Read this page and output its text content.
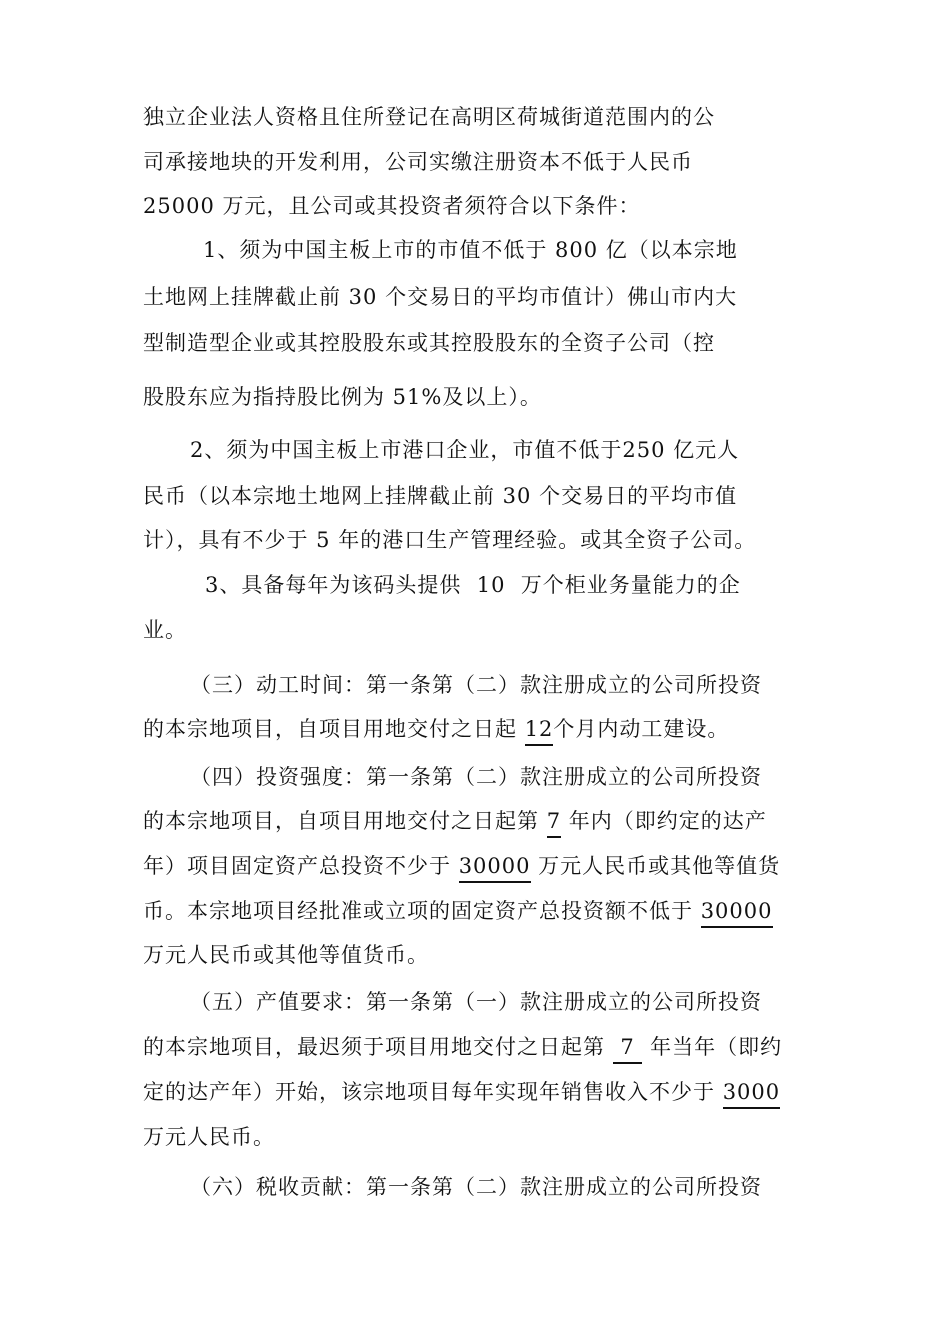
独立企业法人资格且住所登记在高明区荷城街道范围内的公
司承接地块的开发利用，公司实缴注册资本不低于人民币
25000 万元，且公司或其投资者须符合以下条件：
1、须为中国主板上市的市值不低于 800 亿（以本宗地
土地网上挂牌截止前 30 个交易日的平均市值计）佛山市内大
型制造型企业或其控股股东或其控股股东的全资子公司（控
股股东应为指持股比例为 51%及以上）。
2、须为中国主板上市港口企业，市值不低于250 亿元人
民币（以本宗地土地网上挂牌截止前 30 个交易日的平均市值
计），具有不少于 5 年的港口生产管理经验。或其全资子公司。
3、具备每年为该码头提供  10  万个柜业务量能力的企
业。
（三）动工时间：第一条第（二）款注册成立的公司所投资
的本宗地项目，自项目用地交付之日起 12个月内动工建设。
（四）投资强度：第一条第（二）款注册成立的公司所投资
的本宗地项目，自项目用地交付之日起第 7 年内（即约定的达产
年）项目固定资产总投资不少于 30000 万元人民币或其他等值货
币。本宗地项目经批准或立项的固定资产总投资额不低于 30000
万元人民币或其他等值货币。
（五）产值要求：第一条第（一）款注册成立的公司所投资
的本宗地项目，最迟须于项目用地交付之日起第  7  年当年（即约
定的达产年）开始，该宗地项目每年实现年销售收入不少于 3000
万元人民币。
（六）税收贡献：第一条第（二）款注册成立的公司所投资
